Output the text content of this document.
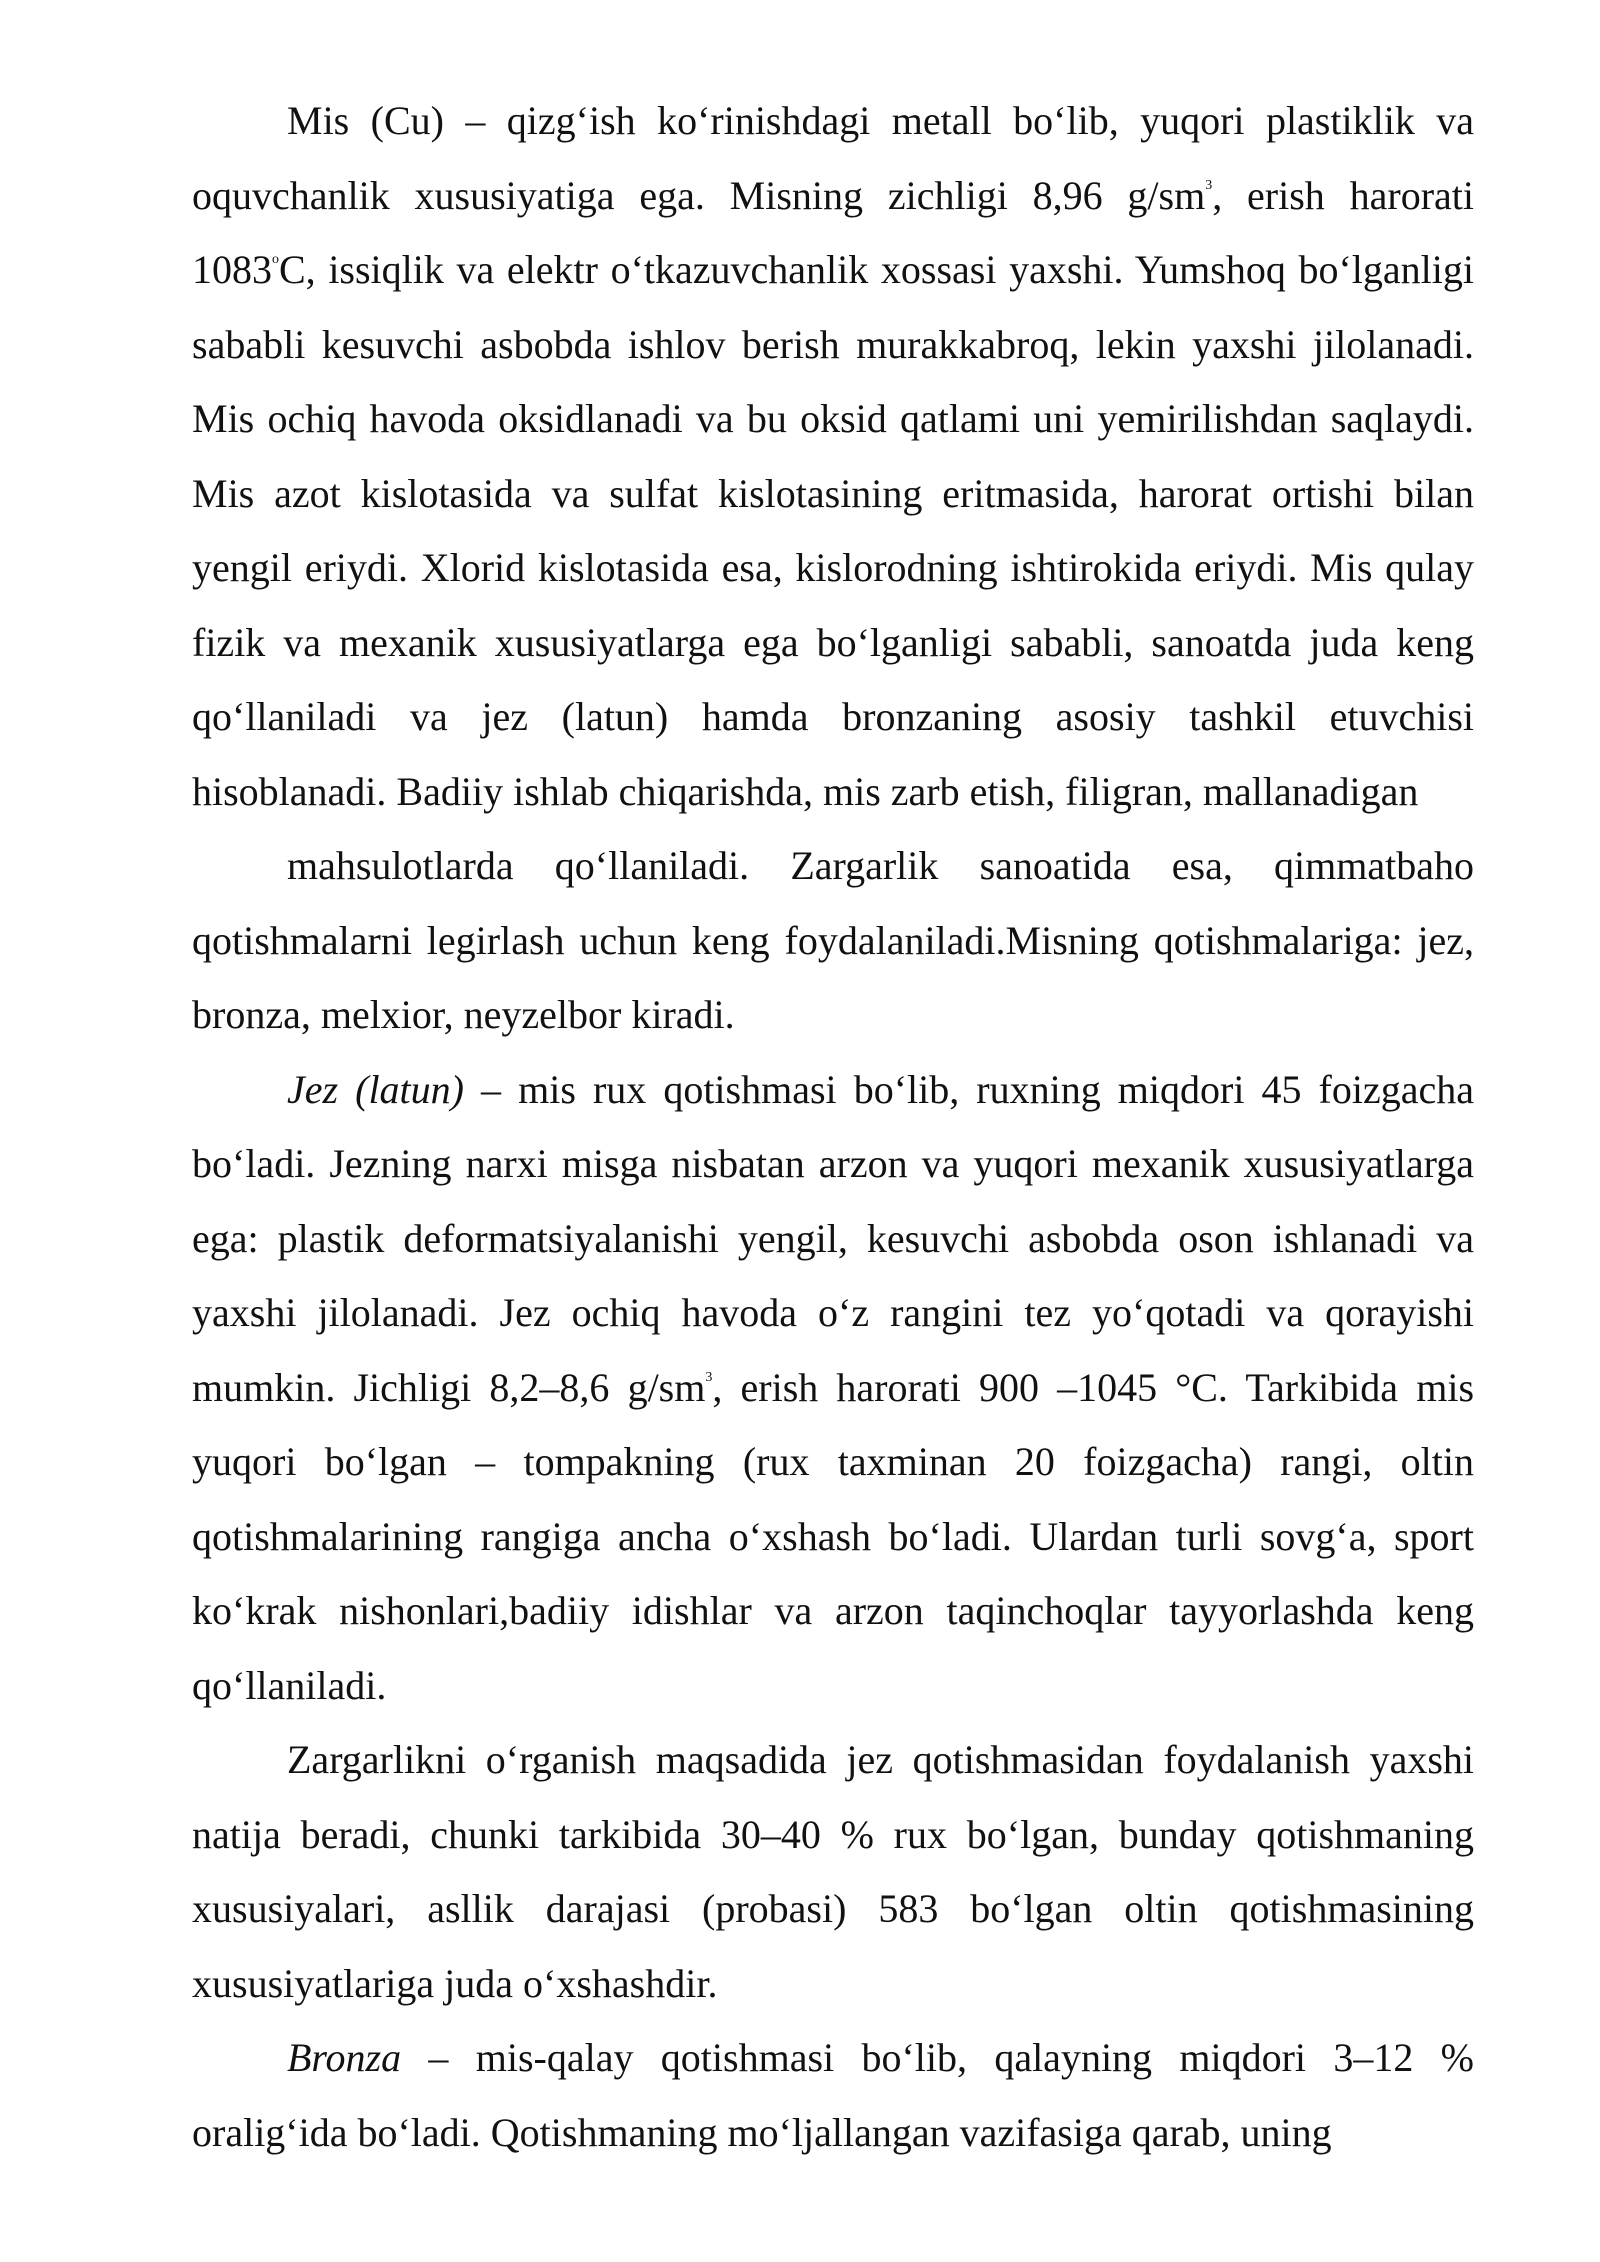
Mis (Cu) – qizg‘ish ko‘rinishdagi metall bo‘lib, yuqori plastiklik va oquvchanlik xususiyatiga ega. Misning zichligi 8,96 $g/sm^3$, erish harorati 1083$^o$C, issiqlik va elektr o‘tkazuvchanlik xossasi yaxshi. Yumshoq bo‘lganligi sababli kesuvchi asbobda ishlov berish murakkabroq, lekin yaxshi jilolanadi. Mis ochiq havoda oksidlanadi va bu oksid qatlami uni yemirilishdan saqlaydi. Mis azot kislotasida va sulfat kislotasining eritmasida, harorat ortishi bilan yengil eriydi. Xlorid kislotasida esa, kislorodning ishtirokida eriydi. Mis qulay fizik va mexanik xususiyatlarga ega bo‘lganligi sababli, sanoatda juda keng qo‘llaniladi va jez (latun) hamda bronzaning asosiy tashkil etuvchisi hisoblanadi. Badiiy ishlab chiqarishda, mis zarb etish, filigran, mallanadigan

mahsulotlarda qo‘llaniladi. Zargarlik sanoatida esa, qimmatbaho qotishmalarni legirlash uchun keng foydalaniladi.Misning qotishmalariga: jez, bronza, melxior, neyzelbor kiradi.

Jez (latun) – mis rux qotishmasi bo‘lib, ruxning miqdori 45 foizgacha bo‘ladi. Jezning narxi misga nisbatan arzon va yuqori mexanik xususiyatlarga ega: plastik deformatsiyalanishi yengil, kesuvchi asbobda oson ishlanadi va yaxshi jilolanadi. Jez ochiq havoda o‘z rangini tez yo‘qotadi va qorayishi mumkin. Jichligi 8,2–8,6 $g/sm^3$, erish harorati 900 –1045 °C. Tarkibida mis yuqori bo‘lgan – tompakning (rux taxminan 20 foizgacha) rangi, oltin qotishmalarining rangiga ancha o‘xshash bo‘ladi. Ulardan turli sovg‘a, sport ko‘krak nishonlari,badiiy idishlar va arzon taqinchoqlar tayyorlashda keng qo‘llaniladi.

Zargarlikni o‘rganish maqsadida jez qotishmasidan foydalanish yaxshi natija beradi, chunki tarkibida 30–40 % rux bo‘lgan, bunday qotishmaning xususiyalari, asllik darajasi (probasi) 583 bo‘lgan oltin qotishmasining xususiyatlariga juda o‘xshashdir.

Bronza – mis-qalay qotishmasi bo‘lib, qalayning miqdori 3–12 % oralig‘ida bo‘ladi. Qotishmaning mo‘ljallangan vazifasiga qarab, uning
